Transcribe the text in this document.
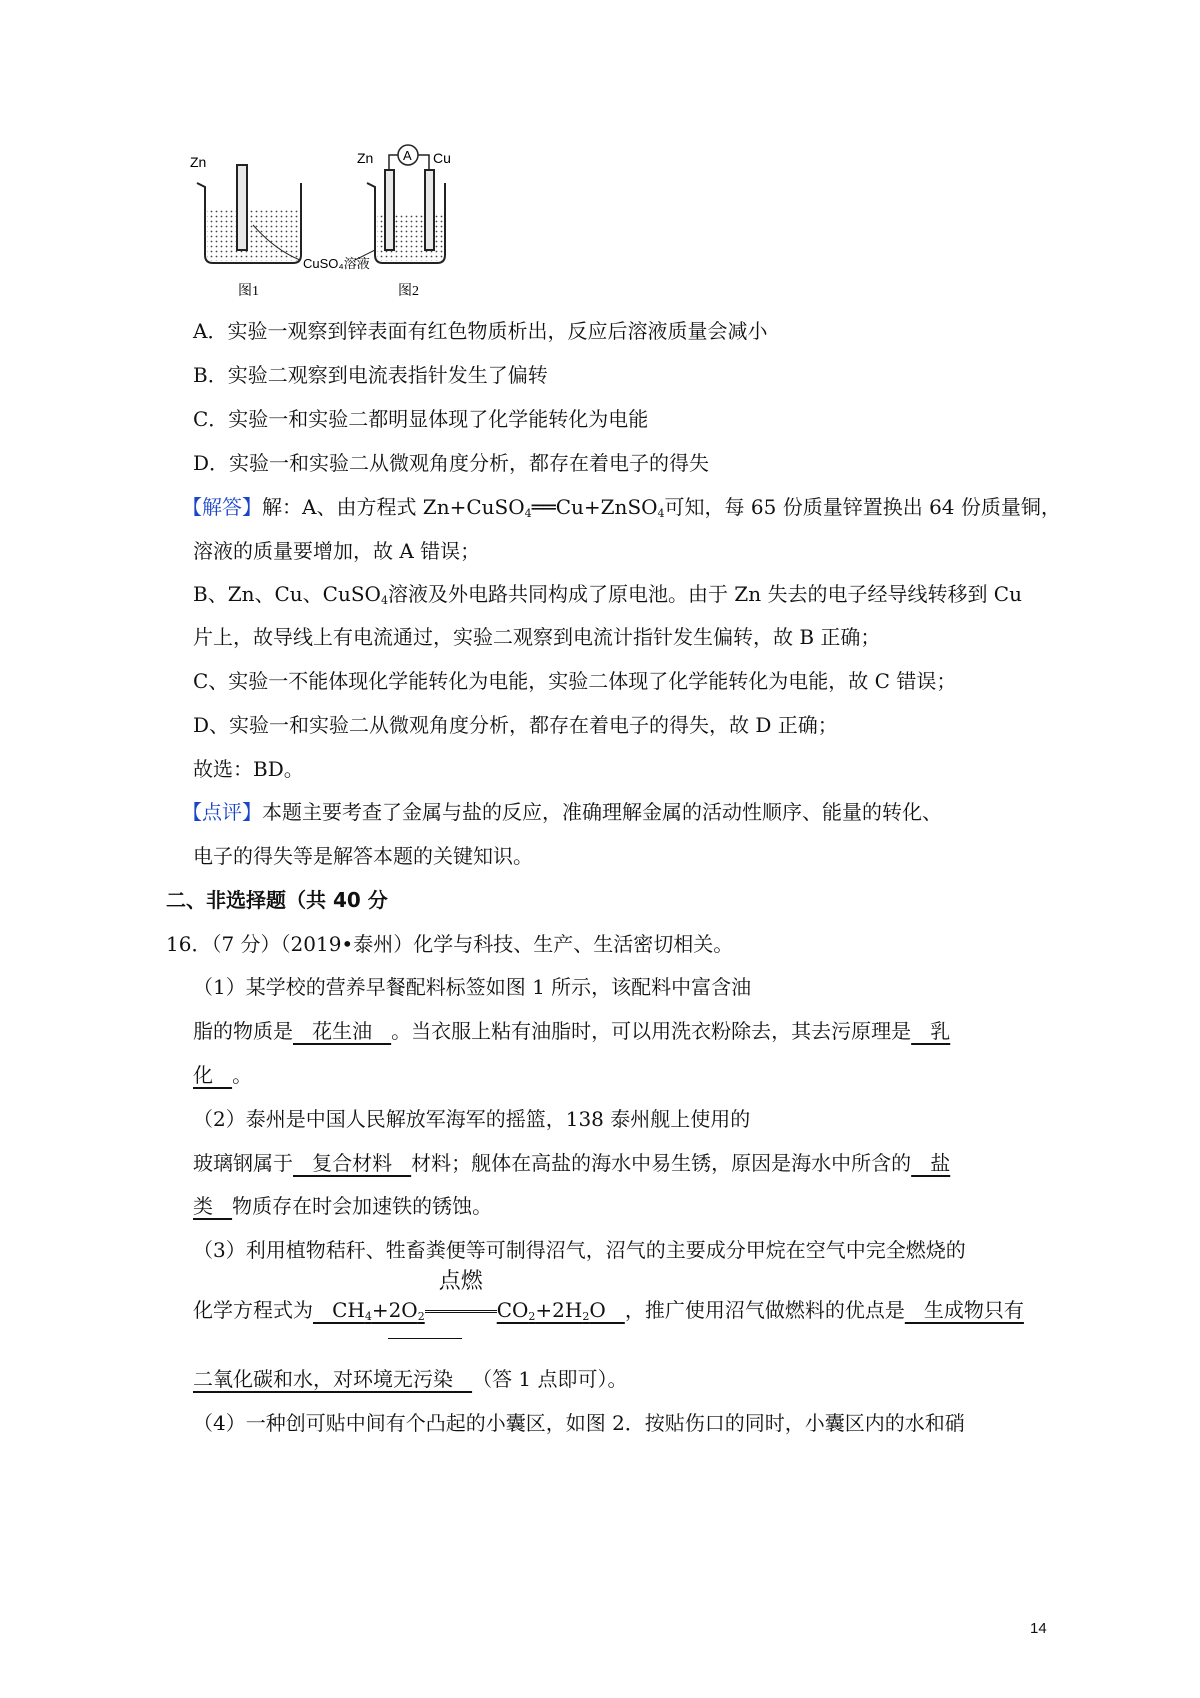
Zn	Zn A Cu
CuSO₄溶液
图1	图2
A．实验一观察到锌表面有红色物质析出，反应后溶液质量会减小
B．实验二观察到电流表指针发生了偏转
C．实验一和实验二都明显体现了化学能转化为电能
D．实验一和实验二从微观角度分析，都存在着电子的得失
【解答】解：A、由方程式 Zn+CuSO$_4$══Cu+ZnSO$_4$可知，每 65 份质量锌置换出 64 份质量铜，
溶液的质量要增加，故 A 错误；
B、Zn、Cu、CuSO$_4$溶液及外电路共同构成了原电池。由于 Zn 失去的电子经导线转移到 Cu
片上，故导线上有电流通过，实验二观察到电流计指针发生偏转，故 B 正确；
C、实验一不能体现化学能转化为电能，实验二体现了化学能转化为电能，故 C 错误；
D、实验一和实验二从微观角度分析，都存在着电子的得失，故 D 正确；
故选：BD。
【点评】本题主要考查了金属与盐的反应，准确理解金属的活动性顺序、能量的转化、
电子的得失等是解答本题的关键知识。
二、非选择题（共 40 分
16．（7 分）（2019•泰州）化学与科技、生产、生活密切相关。
（1）某学校的营养早餐配料标签如图 1 所示，该配料中富含油
脂的物质是   花生油   。当衣服上粘有油脂时，可以用洗衣粉除去，其去污原理是   乳
化   。
（2）泰州是中国人民解放军海军的摇篮，138 泰州舰上使用的
玻璃钢属于   复合材料   材料；舰体在高盐的海水中易生锈，原因是海水中所含的   盐
类   物质存在时会加速铁的锈蚀。
（3）利用植物秸秆、牲畜粪便等可制得沼气，沼气的主要成分甲烷在空气中完全燃烧的
化学方程式为   $CH_4+2O_2$
点燃
$CO_2+2H_2O$   ，推广使用沼气做燃料的优点是   生成物只有
二氧化碳和水，对环境无污染   （答 1 点即可）。
（4）一种创可贴中间有个凸起的小囊区，如图 2．按贴伤口的同时，小囊区内的水和硝
14
